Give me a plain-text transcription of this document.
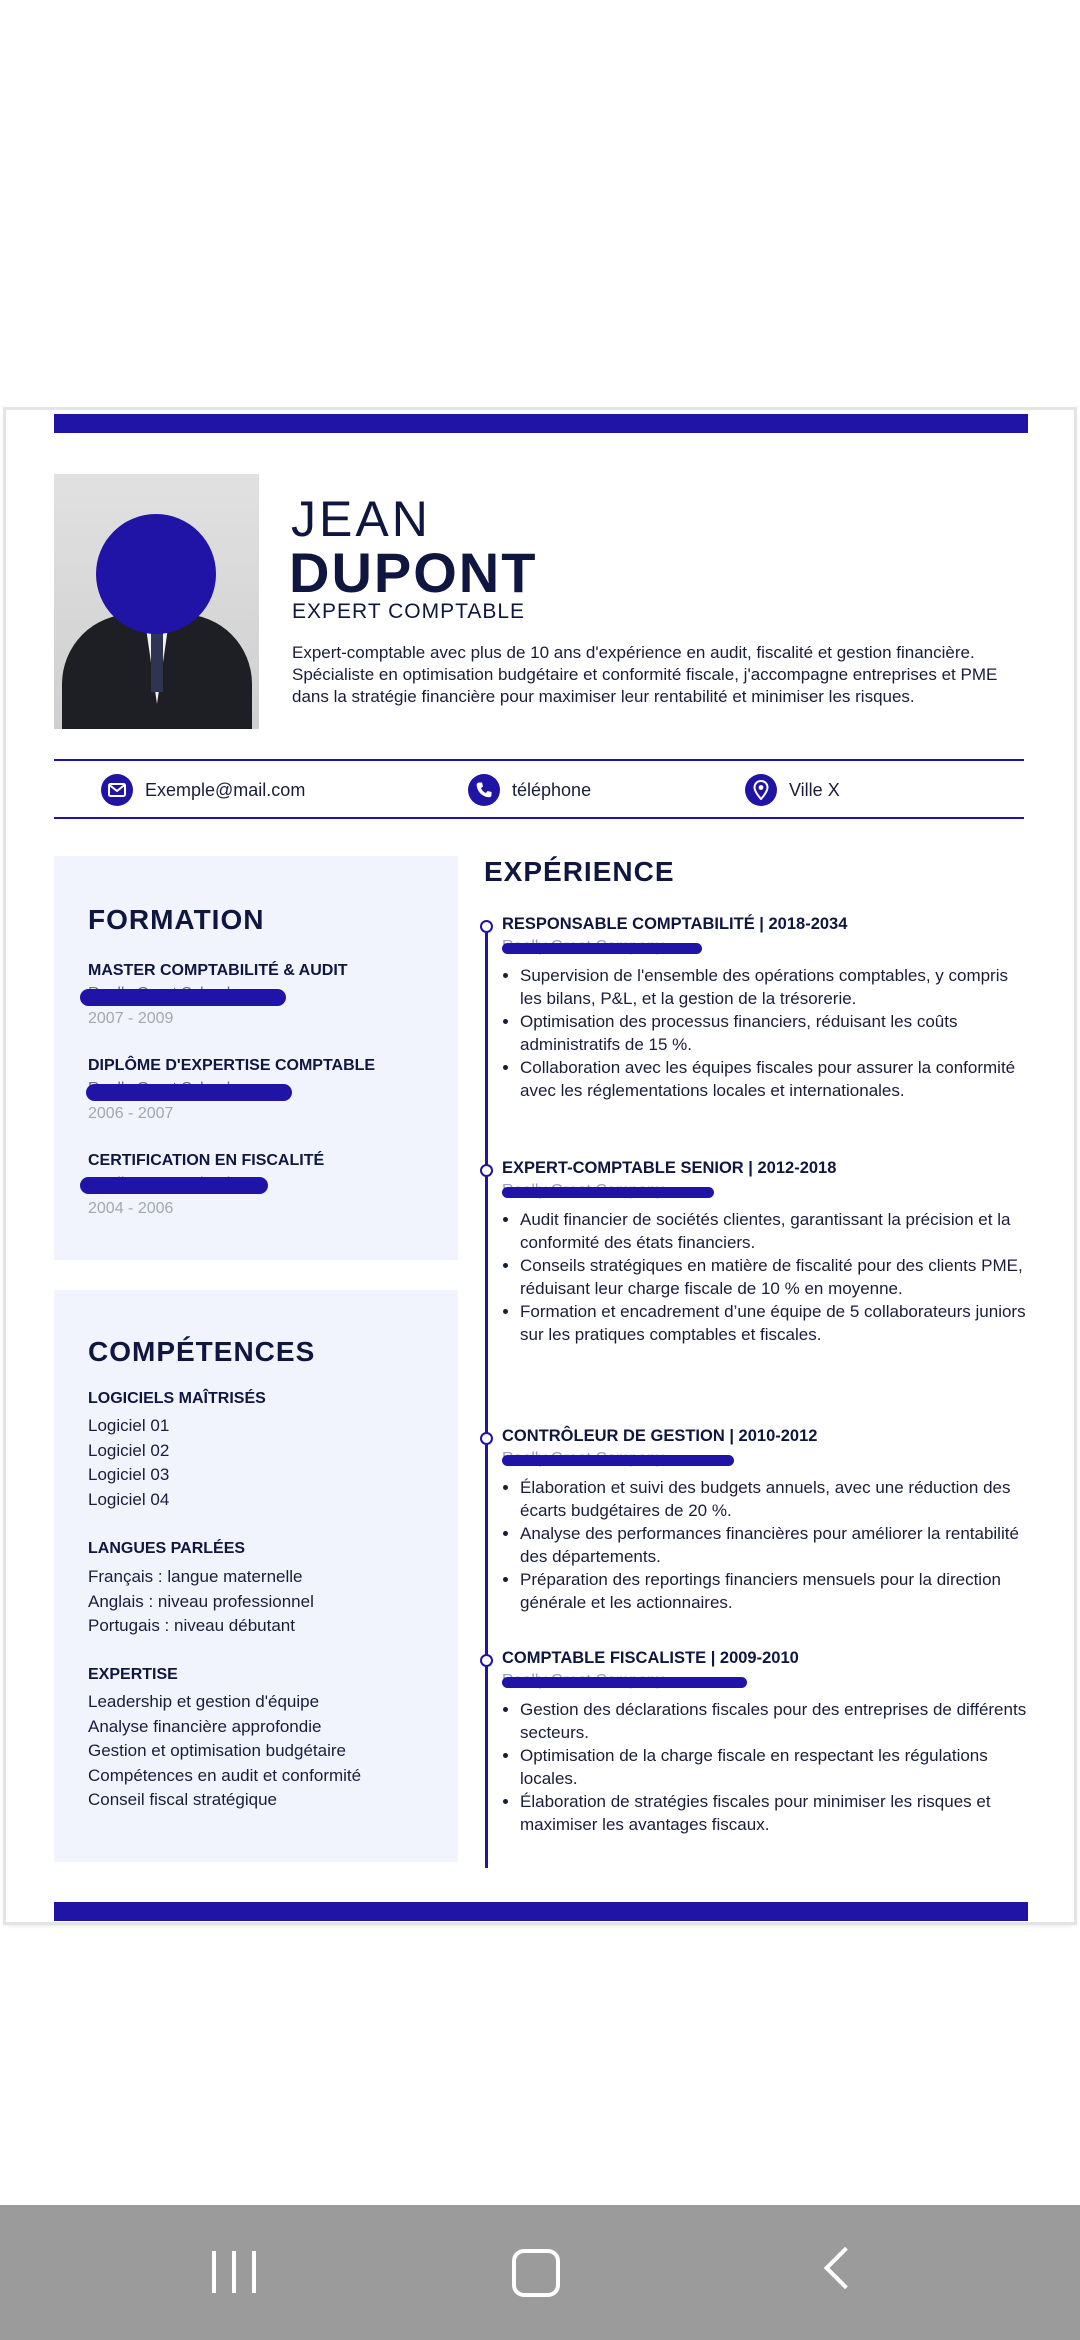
JEAN
DUPONT
EXPERT COMPTABLE
Expert-comptable avec plus de 10 ans d'expérience en audit, fiscalité et gestion financière. Spécialiste en optimisation budgétaire et conformité fiscale, j'accompagne entreprises et PME dans la stratégie financière pour maximiser leur rentabilité et minimiser les risques.
Exemple@mail.com	téléphone	Ville X
FORMATION
MASTER COMPTABILITÉ & AUDIT
2007 - 2009
DIPLÔME D'EXPERTISE COMPTABLE
2006 - 2007
CERTIFICATION EN FISCALITÉ
2004 - 2006
COMPÉTENCES
LOGICIELS MAÎTRISÉS
Logiciel 01
Logiciel 02
Logiciel 03
Logiciel 04
LANGUES PARLÉES
Français : langue maternelle
Anglais : niveau professionnel
Portugais : niveau débutant
EXPERTISE
Leadership et gestion d'équipe
Analyse financière approfondie
Gestion et optimisation budgétaire
Compétences en audit et conformité
Conseil fiscal stratégique
EXPÉRIENCE
RESPONSABLE COMPTABILITÉ | 2018-2034
• Supervision de l'ensemble des opérations comptables, y compris les bilans, P&L, et la gestion de la trésorerie.
• Optimisation des processus financiers, réduisant les coûts administratifs de 15 %.
• Collaboration avec les équipes fiscales pour assurer la conformité avec les réglementations locales et internationales.
EXPERT-COMPTABLE SENIOR | 2012-2018
• Audit financier de sociétés clientes, garantissant la précision et la conformité des états financiers.
• Conseils stratégiques en matière de fiscalité pour des clients PME, réduisant leur charge fiscale de 10 % en moyenne.
• Formation et encadrement d’une équipe de 5 collaborateurs juniors sur les pratiques comptables et fiscales.
CONTRÔLEUR DE GESTION | 2010-2012
• Élaboration et suivi des budgets annuels, avec une réduction des écarts budgétaires de 20 %.
• Analyse des performances financières pour améliorer la rentabilité des départements.
• Préparation des reportings financiers mensuels pour la direction générale et les actionnaires.
COMPTABLE FISCALISTE | 2009-2010
• Gestion des déclarations fiscales pour des entreprises de différents secteurs.
• Optimisation de la charge fiscale en respectant les régulations locales.
• Élaboration de stratégies fiscales pour minimiser les risques et maximiser les avantages fiscaux.
